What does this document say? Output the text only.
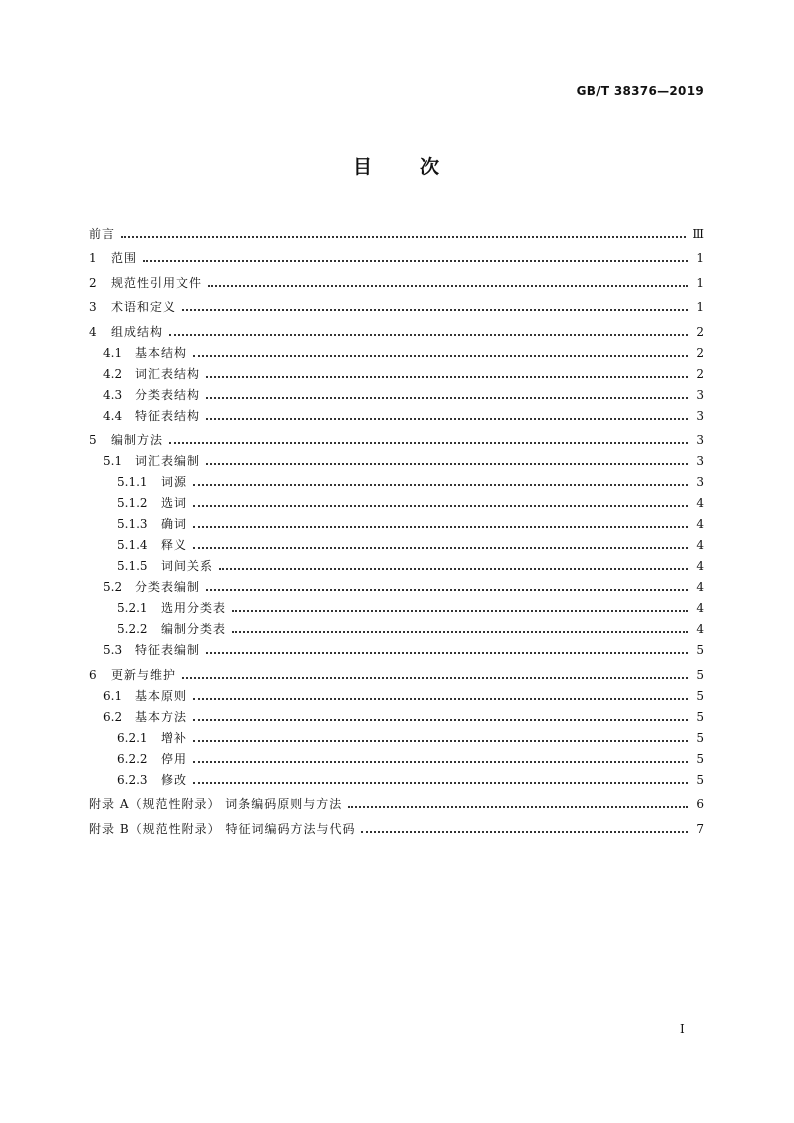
GB/T 38376—2019
目 次
前言	Ⅲ
1	范围	1
2	规范性引用文件	1
3	术语和定义	1
4	组成结构	2
4.1	基本结构	2
4.2	词汇表结构	2
4.3	分类表结构	3
4.4	特征表结构	3
5	编制方法	3
5.1	词汇表编制	3
5.1.1	词源	3
5.1.2	选词	4
5.1.3	确词	4
5.1.4	释义	4
5.1.5	词间关系	4
5.2	分类表编制	4
5.2.1	选用分类表	4
5.2.2	编制分类表	4
5.3	特征表编制	5
6	更新与维护	5
6.1	基本原则	5
6.2	基本方法	5
6.2.1	增补	5
6.2.2	停用	5
6.2.3	修改	5
附录 A（规范性附录） 词条编码原则与方法	6
附录 B（规范性附录） 特征词编码方法与代码	7
I
